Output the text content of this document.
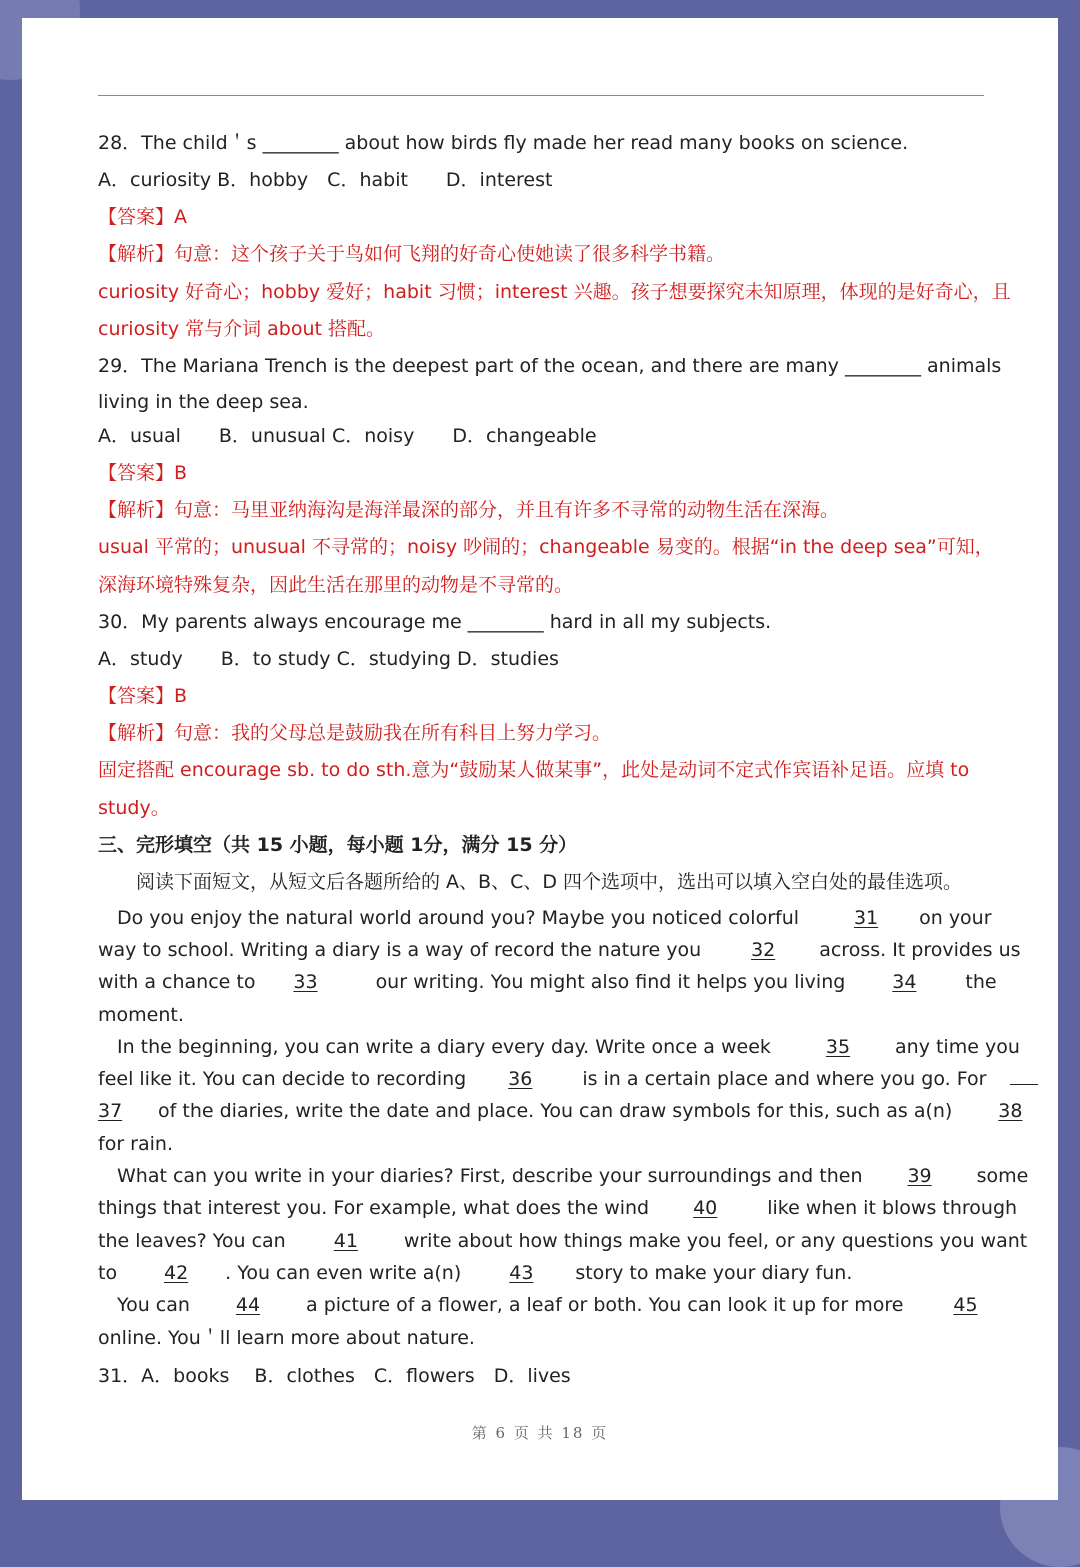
28．The child＇s ________ about how birds fly made her read many books on science.
A．curiosity B．hobby　C．habit　　D．interest
【答案】A
【解析】句意：这个孩子关于鸟如何飞翔的好奇心使她读了很多科学书籍。
curiosity 好奇心；hobby 爱好；habit 习惯；interest 兴趣。孩子想要探究未知原理，体现的是好奇心，且
curiosity 常与介词 about 搭配。
29．The Mariana Trench is the deepest part of the ocean, and there are many ________ animals
living in the deep sea.
A．usual　　B．unusual C．noisy　　D．changeable
【答案】B
【解析】句意：马里亚纳海沟是海洋最深的部分，并且有许多不寻常的动物生活在深海。
usual 平常的；unusual 不寻常的；noisy 吵闹的；changeable 易变的。根据“in the deep sea”可知，
深海环境特殊复杂，因此生活在那里的动物是不寻常的。
30．My parents always encourage me ________ hard in all my subjects.
A．study　　B．to study C．studying D．studies
【答案】B
【解析】句意：我的父母总是鼓励我在所有科目上努力学习。
固定搭配 encourage sb. to do sth.意为“鼓励某人做某事”，此处是动词不定式作宾语补足语。应填 to
study。
三、完形填空（共 15 小题，每小题 1分，满分 15 分）
阅读下面短文，从短文后各题所给的 A、B、C、D 四个选项中，选出可以填入空白处的最佳选项。
Do you enjoy the natural world around you? Maybe you noticed colorful	31 on your
way to school. Writing a diary is a way of record the nature you	32 across. It provides us
with a chance to 33	our writing. You might also find it helps you living 34	the
moment.
In the beginning, you can write a diary every day. Write once a week	35 any time you
feel like it. You can decide to recording 36	is in a certain place and where you go. For
37 of the diaries, write the date and place. You can draw symbols for this, such as a(n) 38
for rain.
What can you write in your diaries? First, describe your surroundings and then 39 some
things that interest you. For example, what does the wind 40	like when it blows through
the leaves? You can	41 write about how things make you feel, or any questions you want
to 42 . You can even write a(n)	43 story to make your diary fun.
You can 44 a picture of a flower, a leaf or both. You can look it up for more	45
online. You＇ll learn more about nature.
31．A．books　 B．clothes　C．flowers　D．lives
第 6 页 共 18 页
